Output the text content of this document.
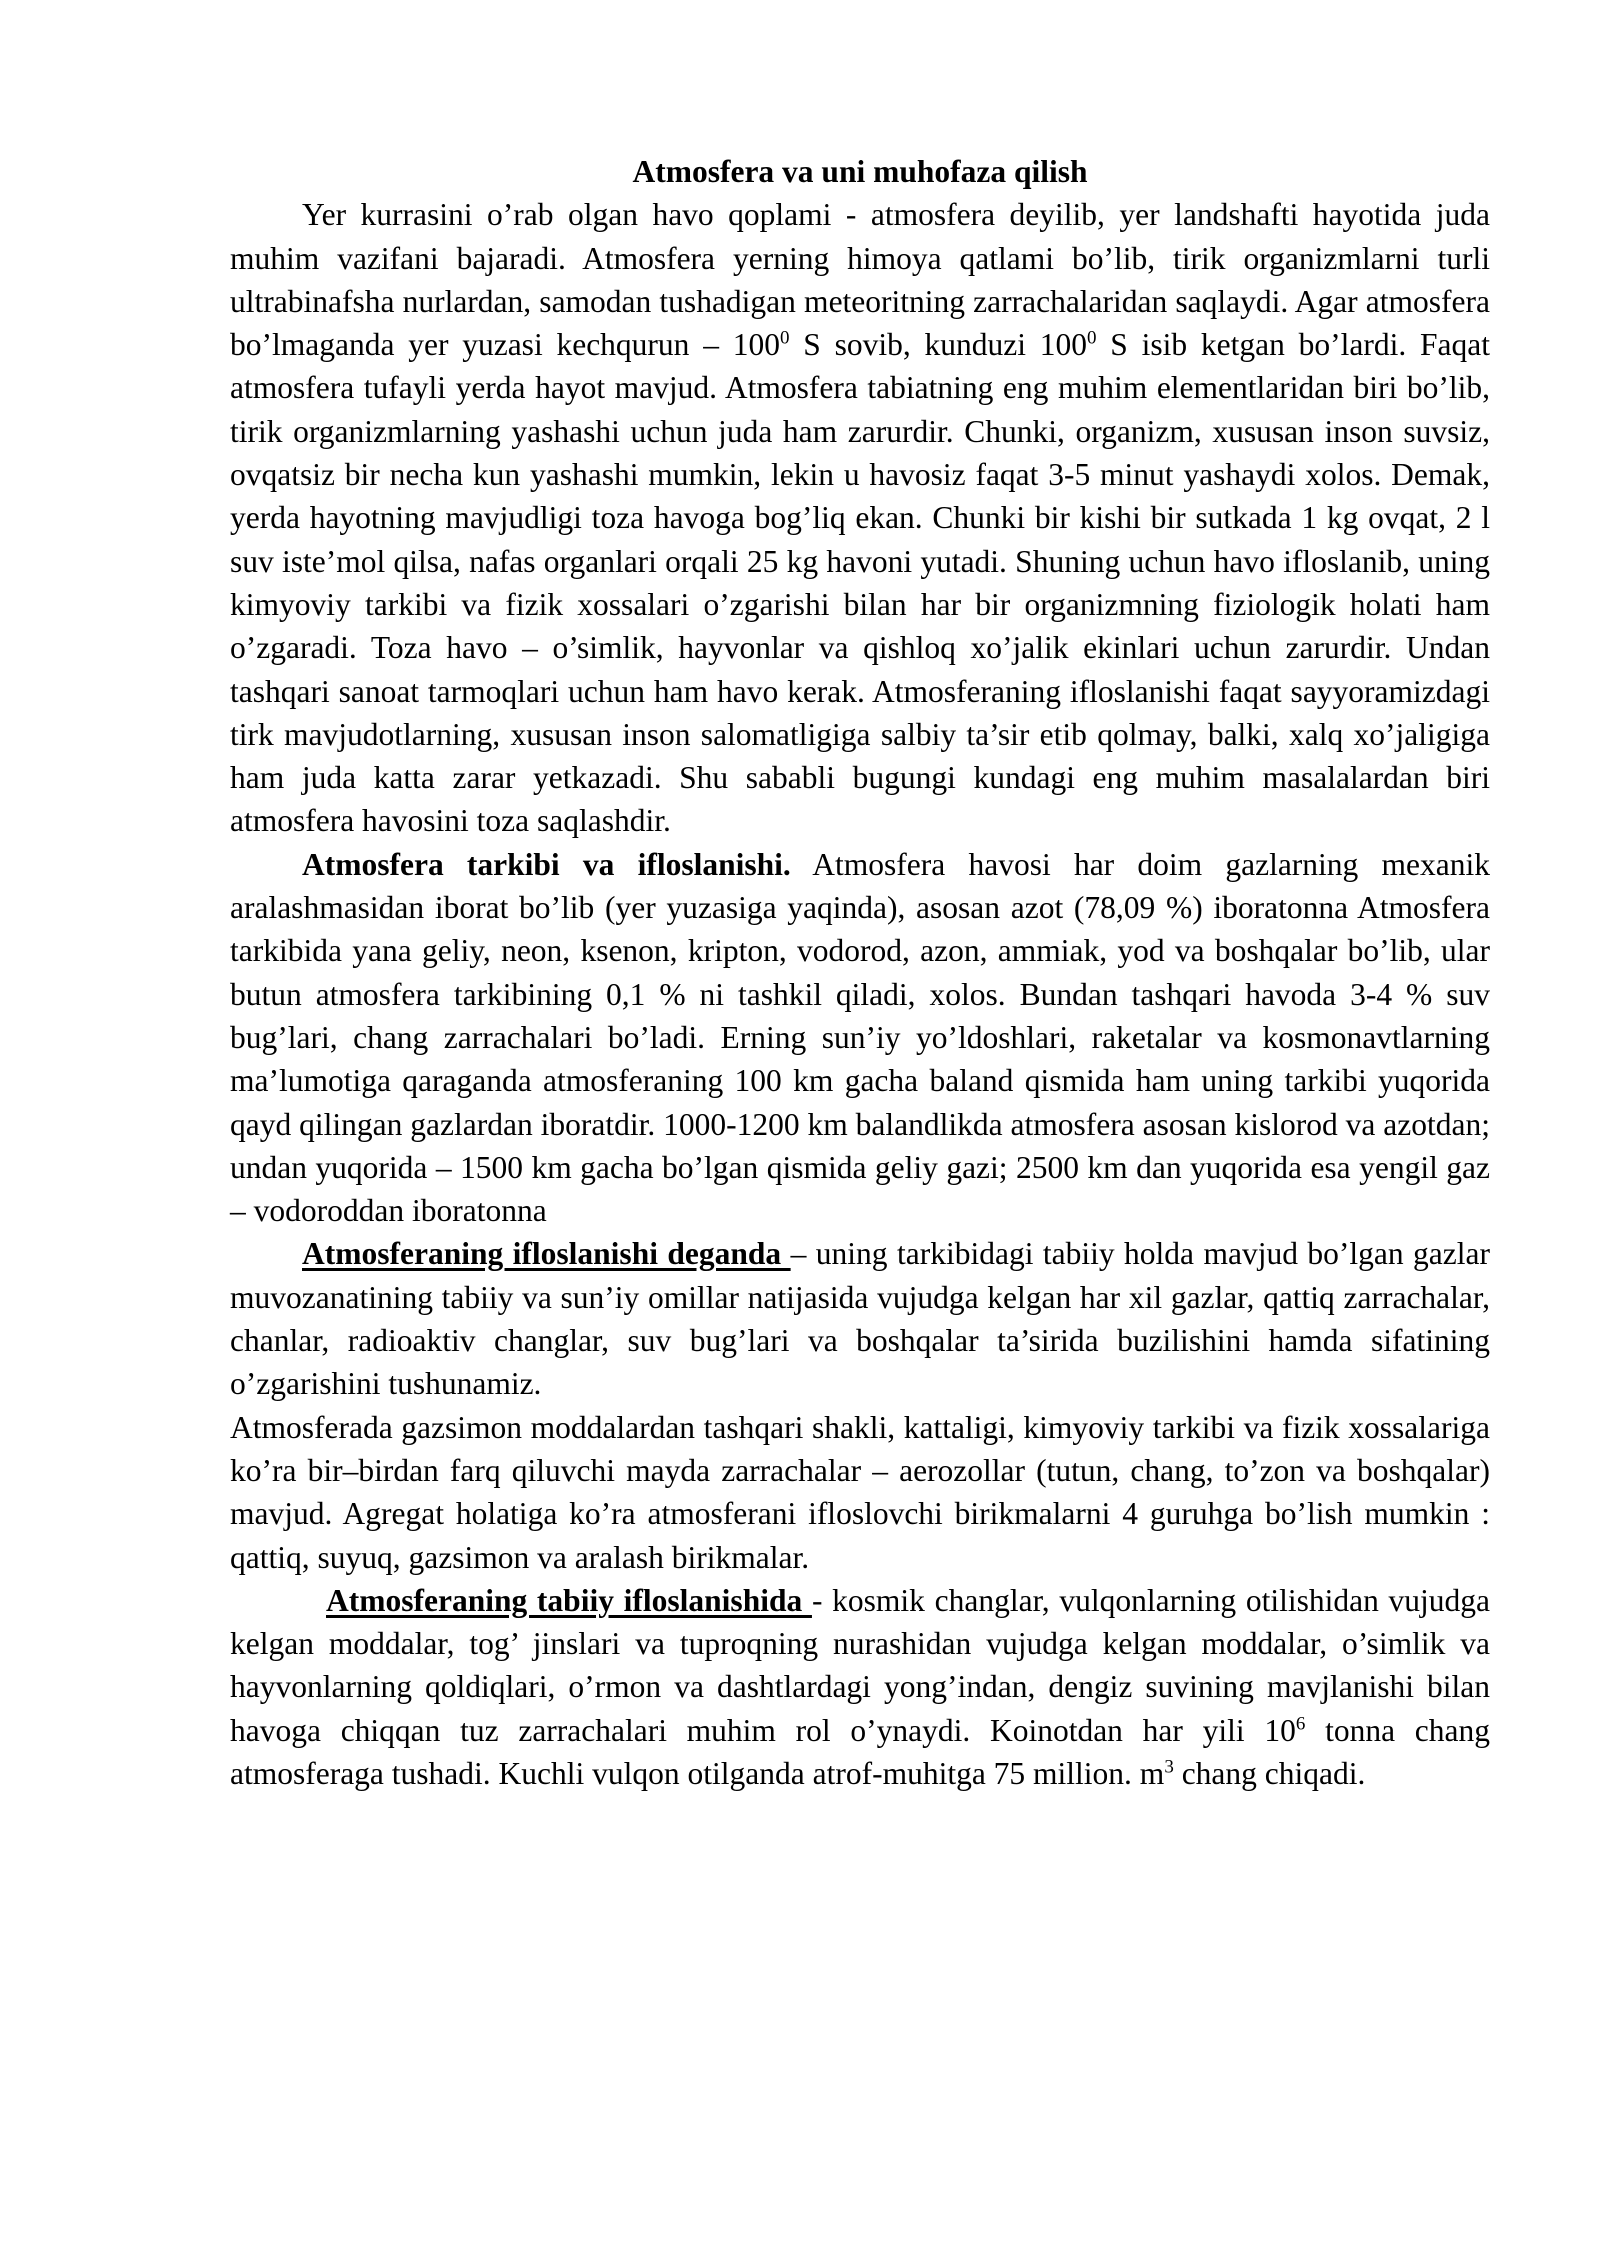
Atmosfera va uni muhofaza qilish

Yer kurrasini o’rab olgan havo qoplami - atmosfera deyilib, yer landshafti hayotida juda muhim vazifani bajaradi. Atmosfera yerning himoya qatlami bo’lib, tirik organizmlarni turli ultrabinafsha nurlardan, samodan tushadigan meteoritning zarrachalaridan saqlaydi. Agar atmosfera bo’lmaganda yer yuzasi kechqurun – $100^0$ S sovib, kunduzi $100^0$ S isib ketgan bo’lardi. Faqat atmosfera tufayli yerda hayot mavjud. Atmosfera tabiatning eng muhim elementlaridan biri bo’lib, tirik organizmlarning yashashi uchun juda ham zarurdir. Chunki, organizm, xususan inson suvsiz, ovqatsiz bir necha kun yashashi mumkin, lekin u havosiz faqat 3-5 minut yashaydi xolos. Demak, yerda hayotning mavjudligi toza havoga bog’liq ekan. Chunki bir kishi bir sutkada 1 kg ovqat, 2 l suv iste’mol qilsa, nafas organlari orqali 25 kg havoni yutadi. Shuning uchun havo ifloslanib, uning kimyoviy tarkibi va fizik xossalari o’zgarishi bilan har bir organizmning fiziologik holati ham o’zgaradi. Toza havo – o’simlik, hayvonlar va qishloq xo’jalik ekinlari uchun zarurdir. Undan tashqari sanoat tarmoqlari uchun ham havo kerak. Atmosferaning ifloslanishi faqat sayyoramizdagi tirk mavjudotlarning, xususan inson salomatligiga salbiy ta’sir etib qolmay, balki, xalq xo’jaligiga ham juda katta zarar yetkazadi. Shu sababli bugungi kundagi eng muhim masalalardan biri atmosfera havosini toza saqlashdir.

Atmosfera tarkibi va ifloslanishi. Atmosfera havosi har doim gazlarning mexanik aralashmasidan iborat bo’lib (yer yuzasiga yaqinda), asosan azot (78,09 %) iboratonna Atmosfera tarkibida yana geliy, neon, ksenon, kripton, vodorod, azon, ammiak, yod va boshqalar bo’lib, ular butun atmosfera tarkibining 0,1 % ni tashkil qiladi, xolos. Bundan tashqari havoda 3-4 % suv bug’lari, chang zarrachalari bo’ladi. Erning sun’iy yo’ldoshlari, raketalar va kosmonavtlarning ma’lumotiga qaraganda atmosferaning 100 km gacha baland qismida ham uning tarkibi yuqorida qayd qilingan gazlardan iboratdir. 1000-1200 km balandlikda atmosfera asosan kislorod va azotdan; undan yuqorida – 1500 km gacha bo’lgan qismida geliy gazi; 2500 km dan yuqorida esa yengil gaz – vodoroddan iboratonna

Atmosferaning ifloslanishi deganda – uning tarkibidagi tabiiy holda mavjud bo’lgan gazlar muvozanatining tabiiy va sun’iy omillar natijasida vujudga kelgan har xil gazlar, qattiq zarrachalar, chanlar, radioaktiv changlar, suv bug’lari va boshqalar ta’sirida buzilishini hamda sifatining o’zgarishini tushunamiz.

Atmosferada gazsimon moddalardan tashqari shakli, kattaligi, kimyoviy tarkibi va fizik xossalariga ko’ra bir–birdan farq qiluvchi mayda zarrachalar – aerozollar (tutun, chang, to’zon va boshqalar) mavjud. Agregat holatiga ko’ra atmosferani ifloslovchi birikmalarni 4 guruhga bo’lish mumkin : qattiq, suyuq, gazsimon va aralash birikmalar.

Atmosferaning tabiiy ifloslanishida - kosmik changlar, vulqonlarning otilishidan vujudga kelgan moddalar, tog’ jinslari va tuproqning nurashidan vujudga kelgan moddalar, o’simlik va hayvonlarning qoldiqlari, o’rmon va dashtlardagi yong’indan, dengiz suvining mavjlanishi bilan havoga chiqqan tuz zarrachalari muhim rol o’ynaydi. Koinotdan har yili $10^6$ tonna chang atmosferaga tushadi. Kuchli vulqon otilganda atrof-muhitga 75 million. $m^3$ chang chiqadi.
